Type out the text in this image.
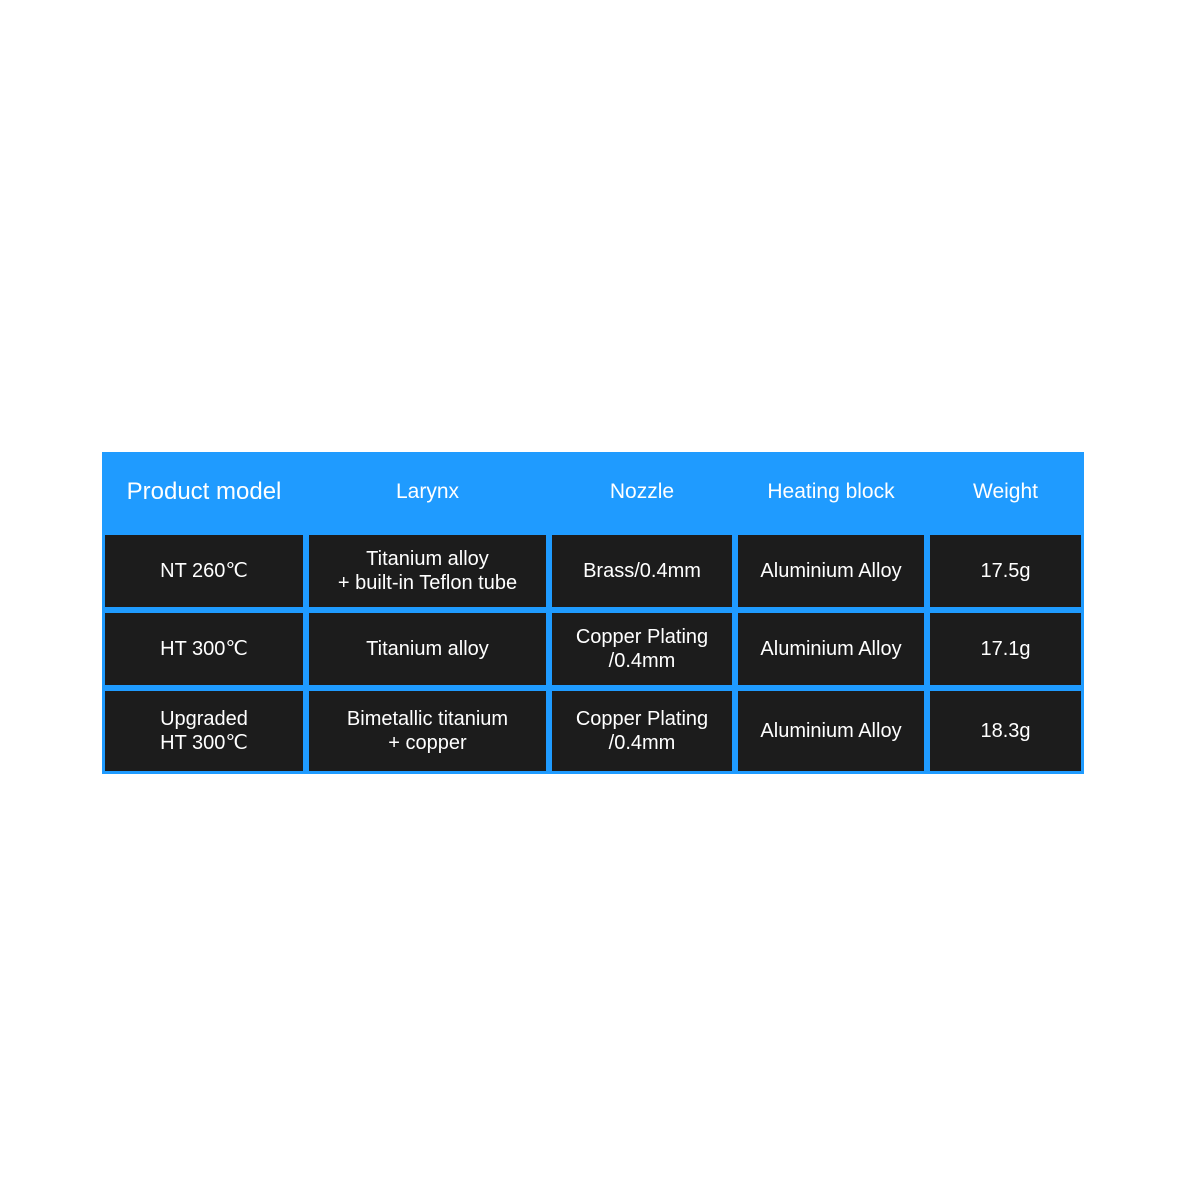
Product model	Larynx	Nozzle	Heating block	Weight

NT 260℃	Titanium alloy
+ built-in Teflon tube	Brass/0.4mm	Aluminium Alloy	17.5g

HT 300℃	Titanium alloy	Copper Plating
/0.4mm	Aluminium Alloy	17.1g

Upgraded
HT 300℃	Bimetallic titanium
+ copper	Copper Plating
/0.4mm	Aluminium Alloy	18.3g
